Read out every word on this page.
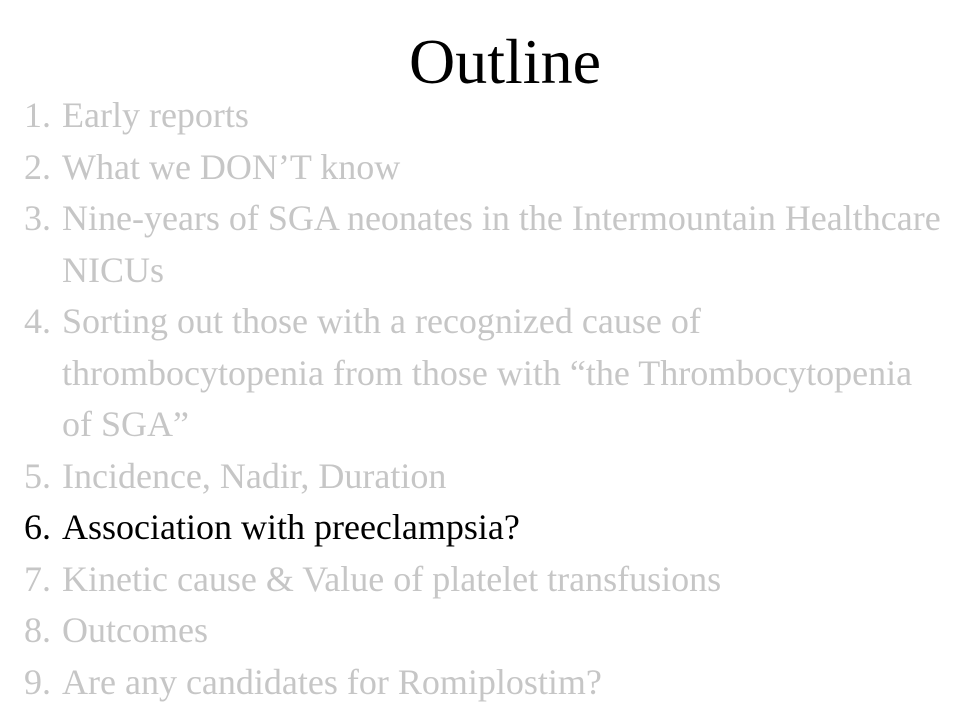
Outline
1. Early reports
2. What we DON’T know
3. Nine-years of SGA neonates in the Intermountain Healthcare NICUs
4. Sorting out those with a recognized cause of thrombocytopenia from those with “the Thrombocytopenia of SGA”
5. Incidence, Nadir, Duration
6. Association with preeclampsia?
7. Kinetic cause & Value of platelet transfusions
8. Outcomes
9. Are any candidates for Romiplostim?
